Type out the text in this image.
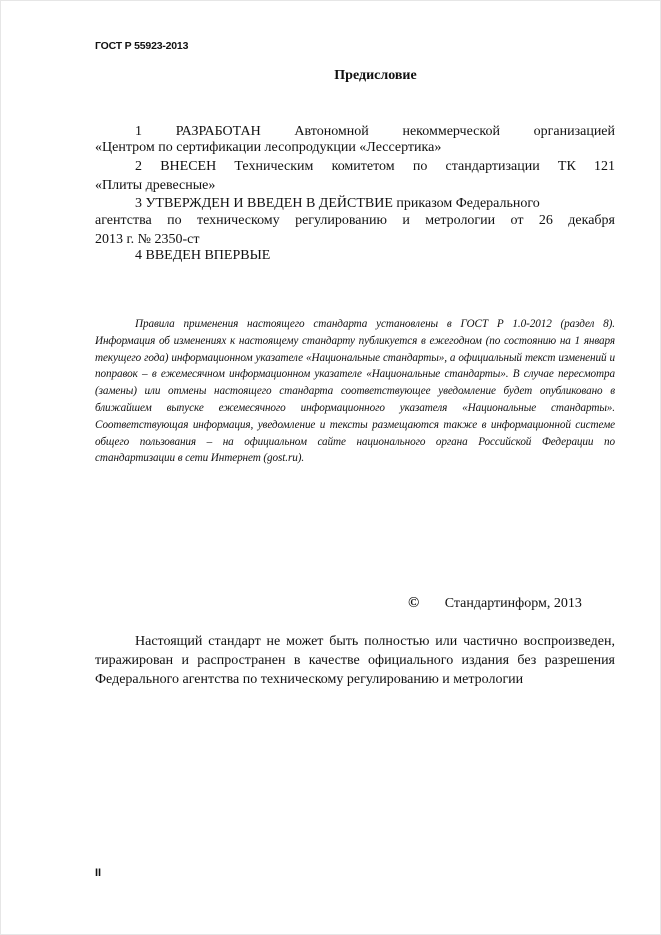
ГОСТ Р 55923-2013
Предисловие
1 РАЗРАБОТАН Автономной некоммерческой организацией
«Центром по сертификации лесопродукции «Лессертика»
2 ВНЕСЕН Техническим комитетом по стандартизации ТК 121
«Плиты древесные»
3 УТВЕРЖДЕН И ВВЕДЕН В ДЕЙСТВИЕ приказом Федерального
агентства по техническому регулированию и метрологии от 26 декабря
2013 г. № 2350-ст
4 ВВЕДЕН ВПЕРВЫЕ
Правила применения настоящего стандарта установлены в ГОСТ Р 1.0-2012 (раздел 8). Информация об изменениях к настоящему стандарту публикуется в ежегодном (по состоянию на 1 января текущего года) информационном указателе «Национальные стандарты», а официальный текст изменений и поправок – в ежемесячном информационном указателе «Национальные стандарты». В случае пересмотра (замены) или отмены настоящего стандарта соответствующее уведомление будет опубликовано в ближайшем выпуске ежемесячного информационного указателя «Национальные стандарты». Соответствующая информация, уведомление и тексты размещаются также в информационной системе общего пользования – на официальном сайте национального органа Российской Федерации по стандартизации в сети Интернет (gost.ru).
© Стандартинформ, 2013
Настоящий стандарт не может быть полностью или частично воспроизведен, тиражирован и распространен в качестве официального издания без разрешения Федерального агентства по техническому регулированию и метрологии
II
